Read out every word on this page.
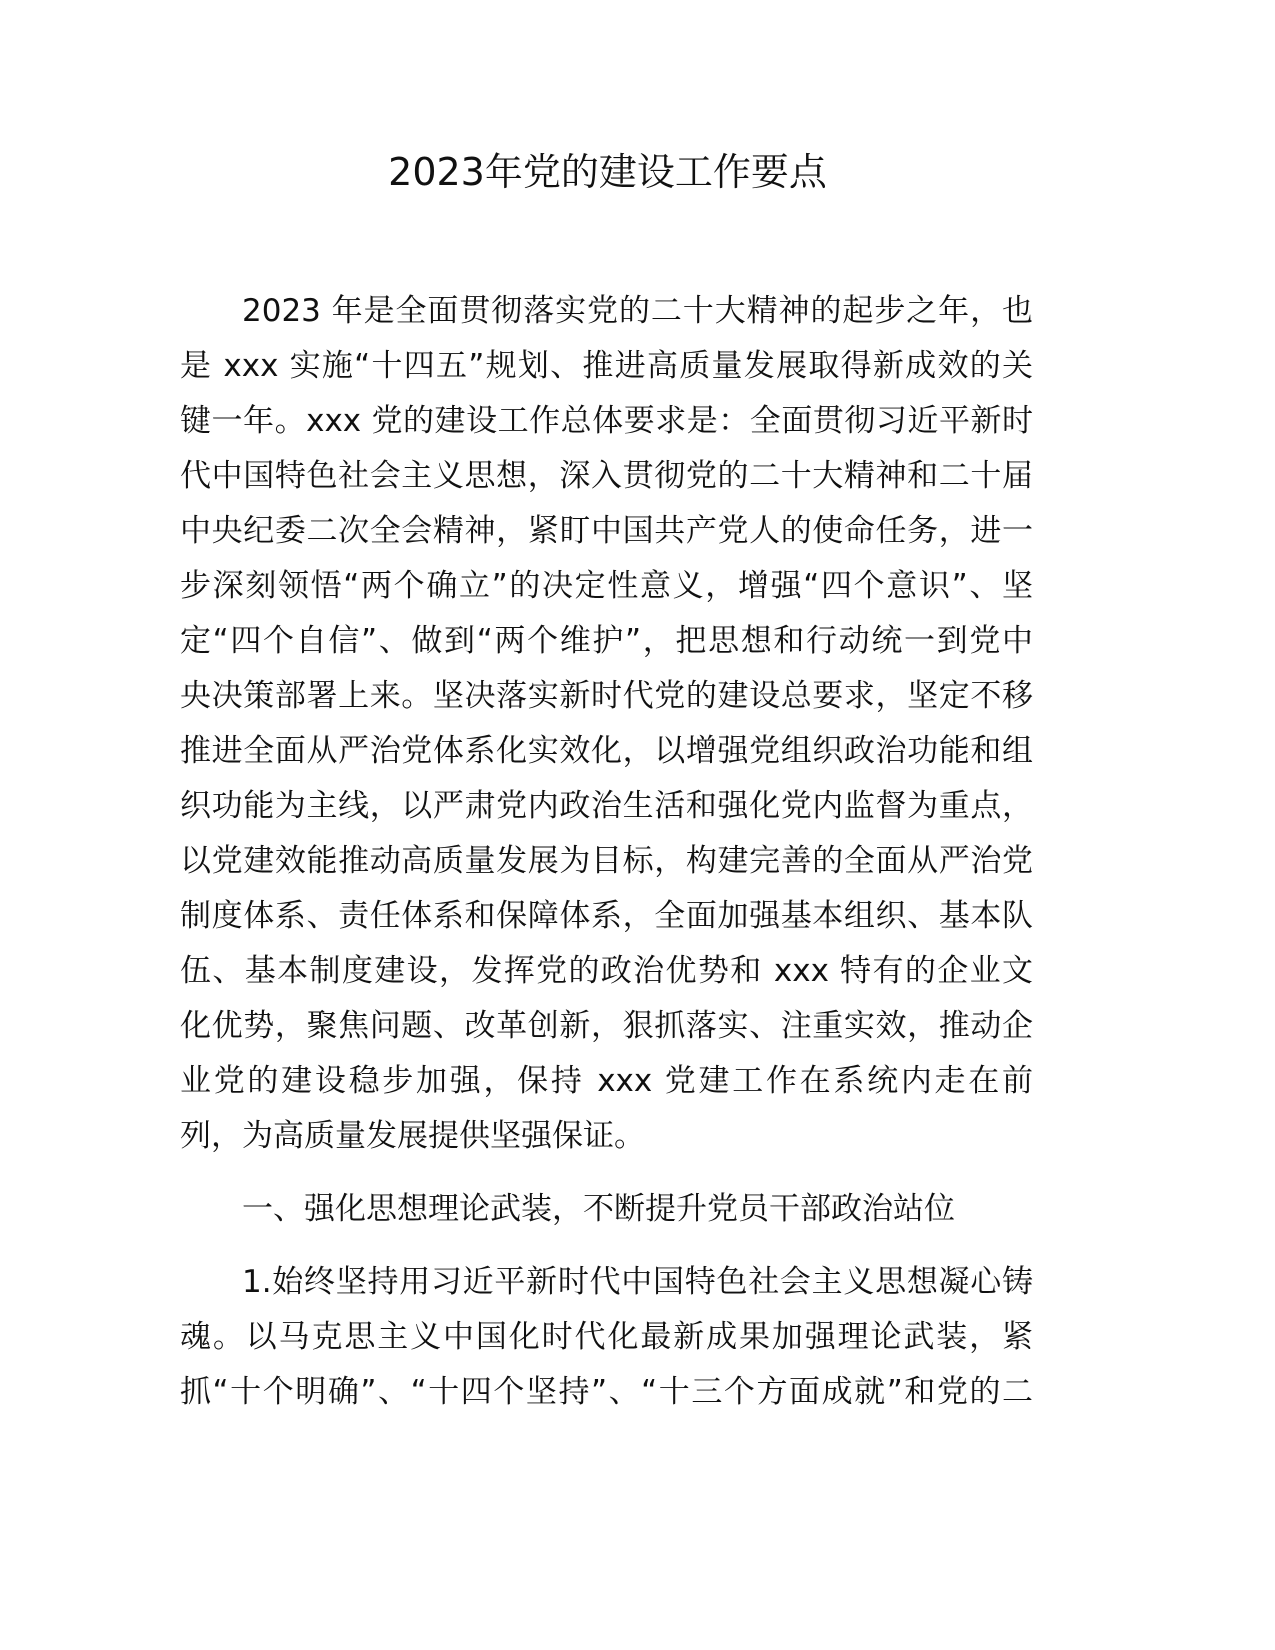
2023年党的建设工作要点

2023 年是全面贯彻落实党的二十大精神的起步之年，也
是 xxx 实施“十四五”规划、推进高质量发展取得新成效的关
键一年。xxx 党的建设工作总体要求是：全面贯彻习近平新时
代中国特色社会主义思想，深入贯彻党的二十大精神和二十届
中央纪委二次全会精神，紧盯中国共产党人的使命任务，进一
步深刻领悟“两个确立”的决定性意义，增强“四个意识”、坚
定“四个自信”、做到“两个维护”，把思想和行动统一到党中
央决策部署上来。坚决落实新时代党的建设总要求，坚定不移
推进全面从严治党体系化实效化，以增强党组织政治功能和组
织功能为主线，以严肃党内政治生活和强化党内监督为重点，
以党建效能推动高质量发展为目标，构建完善的全面从严治党
制度体系、责任体系和保障体系，全面加强基本组织、基本队
伍、基本制度建设，发挥党的政治优势和 xxx 特有的企业文
化优势，聚焦问题、改革创新，狠抓落实、注重实效，推动企
业党的建设稳步加强，保持 xxx 党建工作在系统内走在前
列，为高质量发展提供坚强保证。

一、强化思想理论武装，不断提升党员干部政治站位

1.始终坚持用习近平新时代中国特色社会主义思想凝心铸
魂。以马克思主义中国化时代化最新成果加强理论武装，紧
抓“十个明确”、“十四个坚持”、“十三个方面成就”和党的二
